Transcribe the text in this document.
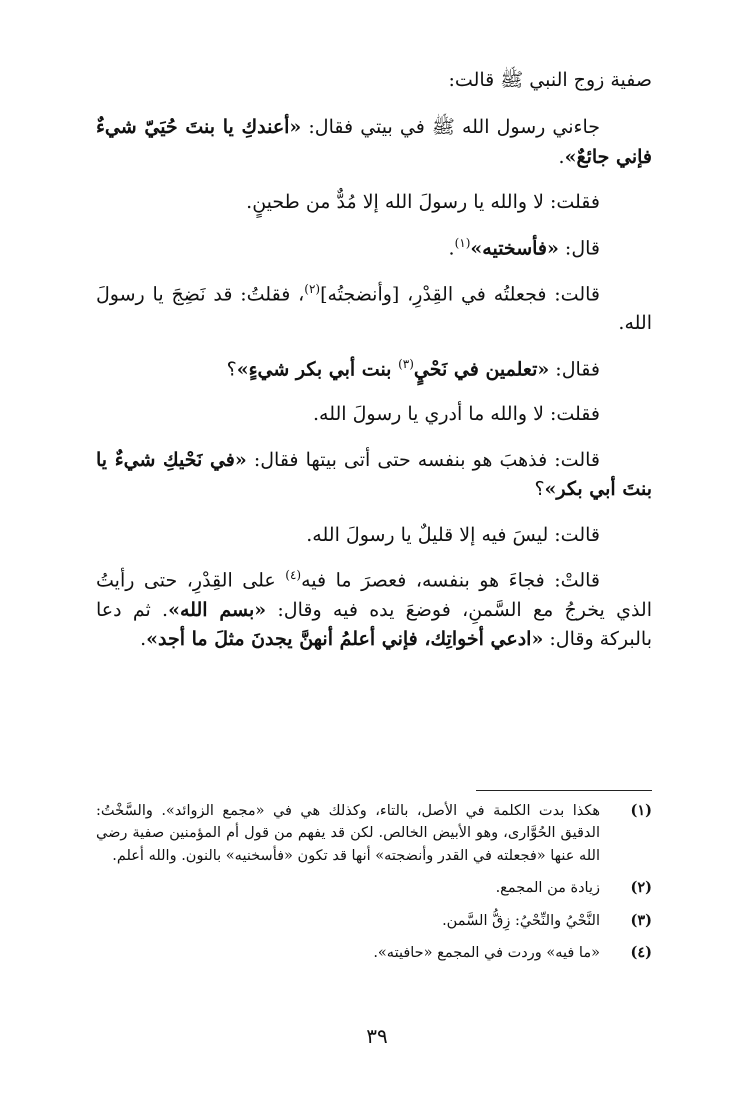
صفية زوج النبي ﷺ قالت:

جاءني رسول الله ﷺ في بيتي فقال: «أعندكِ يا بنتَ حُيَيّ شيءٌ فإني جائعٌ».

فقلت: لا والله يا رسولَ الله إلا مُدٌّ من طحينٍ.

قال: «فأسختيه»$^{(١)}$.

قالت: فجعلتُه في القِدْرِ، [وأنضجتُه]$^{(٢)}$، فقلتُ: قد نَضِجَ يا رسولَ الله.

فقال: «تعلمين في نَحْيٍ$^{(٣)}$ بنت أبي بكر شيءٍ»؟

فقلت: لا والله ما أدري يا رسولَ الله.

قالت: فذهبَ هو بنفسه حتى أتى بيتها فقال: «في نَحْيكِ شيءٌ يا بنتَ أبي بكر»؟

قالت: ليسَ فيه إلا قليلٌ يا رسولَ الله.

قالتْ: فجاءَ هو بنفسه، فعصرَ ما فيه$^{(٤)}$ على القِدْرِ، حتى رأيتُ الذي يخرجُ مع السَّمنِ، فوضعَ يده فيه وقال: «بسم الله». ثم دعا بالبركة وقال: «ادعي أخواتِك، فإني أعلمُ أنهنَّ يجدنَ مثلَ ما أجد».

(١)
هكذا بدت الكلمة في الأصل، بالتاء، وكذلك هي في «مجمع الزوائد». والسَّخْتُ: الدقيق الحُوَّارى، وهو الأبيض الخالص. لكن قد يفهم من قول أم المؤمنين صفية رضي الله عنها «فجعلته في القدر وأنضجته» أنها قد تكون «فأسخنيه» بالنون. والله أعلم.
(٢)
زيادة من المجمع.
(٣)
النَّحْيُ والنِّحْيُ: زِقُّ السَّمن.
(٤)
«ما فيه» وردت في المجمع «حافيته».
٣٩
